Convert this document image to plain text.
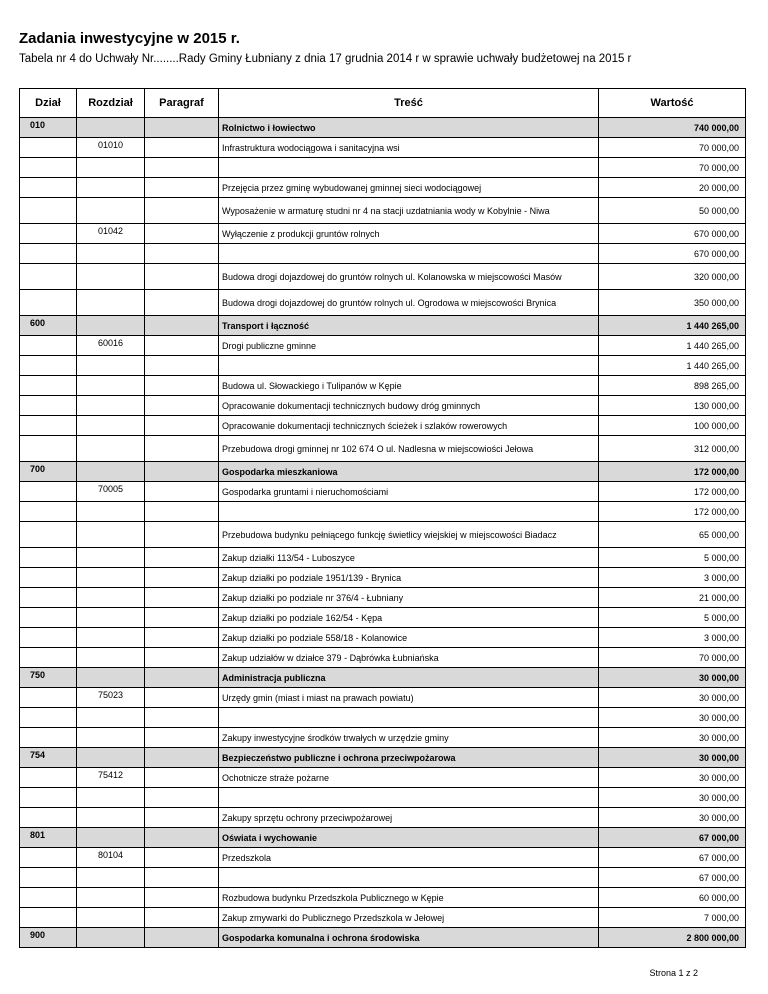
Zadania inwestycyjne w 2015 r.

Tabela nr 4 do Uchwały Nr........Rady Gminy Łubniany z dnia 17 grudnia 2014 r w sprawie uchwały budżetowej na 2015 r

Dział	Rozdział	Paragraf	Treść	Wartość
010			Rolnictwo i łowiectwo	740 000,00
	01010		Infrastruktura wodociągowa i sanitacyjna wsi	70 000,00
				70 000,00
			Przejęcia przez gminę wybudowanej gminnej sieci wodociągowej	20 000,00
			Wyposażenie w armaturę studni nr 4 na stacji uzdatniania wody w Kobylnie - Niwa	50 000,00
	01042		Wyłączenie z produkcji gruntów rolnych	670 000,00
				670 000,00
			Budowa drogi dojazdowej do gruntów rolnych ul. Kolanowska w miejscowości Masów	320 000,00
			Budowa drogi dojazdowej do gruntów rolnych ul. Ogrodowa w miejscowości Brynica	350 000,00
600			Transport i łączność	1 440 265,00
	60016		Drogi publiczne gminne	1 440 265,00
				1 440 265,00
			Budowa ul. Słowackiego i Tulipanów w Kępie	898 265,00
			Opracowanie dokumentacji technicznych budowy dróg gminnych	130 000,00
			Opracowanie dokumentacji technicznych ścieżek i szlaków rowerowych	100 000,00
			Przebudowa drogi gminnej nr 102 674 O ul. Nadlesna w miejscowiości Jełowa	312 000,00
700			Gospodarka mieszkaniowa	172 000,00
	70005		Gospodarka gruntami i nieruchomościami	172 000,00
				172 000,00
			Przebudowa budynku pełniącego funkcję świetlicy wiejskiej w miejscowości Biadacz	65 000,00
			Zakup działki 113/54 - Luboszyce	5 000,00
			Zakup działki po podziale 1951/139 - Brynica	3 000,00
			Zakup działki po podziale nr 376/4 - Łubniany	21 000,00
			Zakup działki po podziale 162/54 - Kępa	5 000,00
			Zakup działki po podziale 558/18 - Kolanowice	3 000,00
			Zakup udziałów w działce 379 - Dąbrówka Łubniańska	70 000,00
750			Administracja publiczna	30 000,00
	75023		Urzędy gmin (miast i miast na prawach powiatu)	30 000,00
				30 000,00
			Zakupy inwestycyjne środków trwałych w urzędzie gminy	30 000,00
754			Bezpieczeństwo publiczne i ochrona przeciwpożarowa	30 000,00
	75412		Ochotnicze straże pożarne	30 000,00
				30 000,00
			Zakupy sprzętu ochrony przeciwpożarowej	30 000,00
801			Oświata i wychowanie	67 000,00
	80104		Przedszkola	67 000,00
				67 000,00
			Rozbudowa budynku Przedszkola Publicznego w Kępie	60 000,00
			Zakup zmywarki do Publicznego Przedszkola w Jełowej	7 000,00
900			Gospodarka komunalna i ochrona środowiska	2 800 000,00
Strona 1 z 2
